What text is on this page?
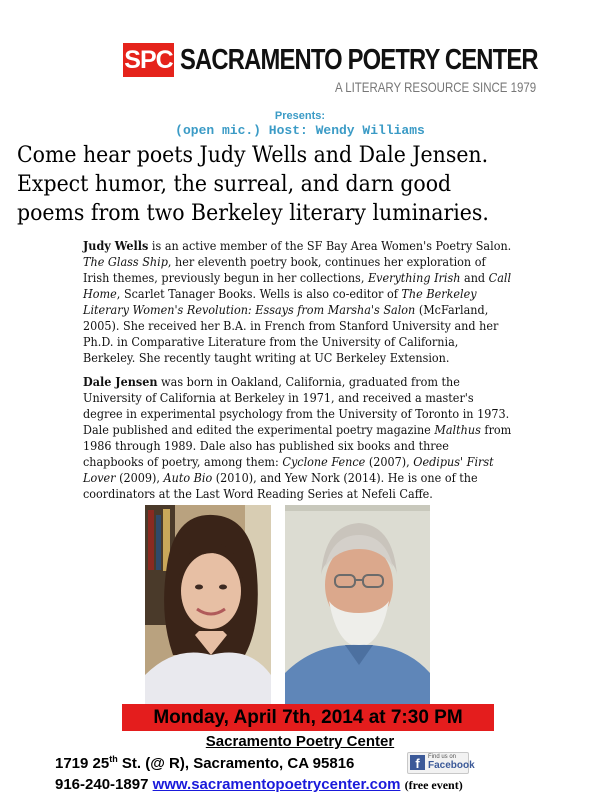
SPC SACRAMENTO POETRY CENTER
A LITERARY RESOURCE SINCE 1979
Presents:
(open mic.) Host: Wendy Williams
Come hear poets Judy Wells and Dale Jensen.
Expect humor, the surreal, and darn good
poems from two Berkeley literary luminaries.
Judy Wells is an active member of the SF Bay Area Women's Poetry Salon.
The Glass Ship, her eleventh poetry book, continues her exploration of
Irish themes, previously begun in her collections, Everything Irish and Call
Home, Scarlet Tanager Books. Wells is also co-editor of The Berkeley
Literary Women's Revolution: Essays from Marsha's Salon (McFarland,
2005). She received her B.A. in French from Stanford University and her
Ph.D. in Comparative Literature from the University of California,
Berkeley. She recently taught writing at UC Berkeley Extension.
Dale Jensen was born in Oakland, California, graduated from the
University of California at Berkeley in 1971, and received a master's
degree in experimental psychology from the University of Toronto in 1973.
Dale published and edited the experimental poetry magazine Malthus from
1986 through 1989. Dale also has published six books and three
chapbooks of poetry, among them: Cyclone Fence (2007), Oedipus' First
Lover (2009), Auto Bio (2010), and Yew Nork (2014). He is one of the
coordinators at the Last Word Reading Series at Nefeli Caffe.
Monday, April 7th, 2014 at 7:30 PM
Sacramento Poetry Center
1719 25th St. (@ R), Sacramento, CA 95816	f	Find us on
Facebook
916-240-1897 www.sacramentopoetrycenter.com (free event)
